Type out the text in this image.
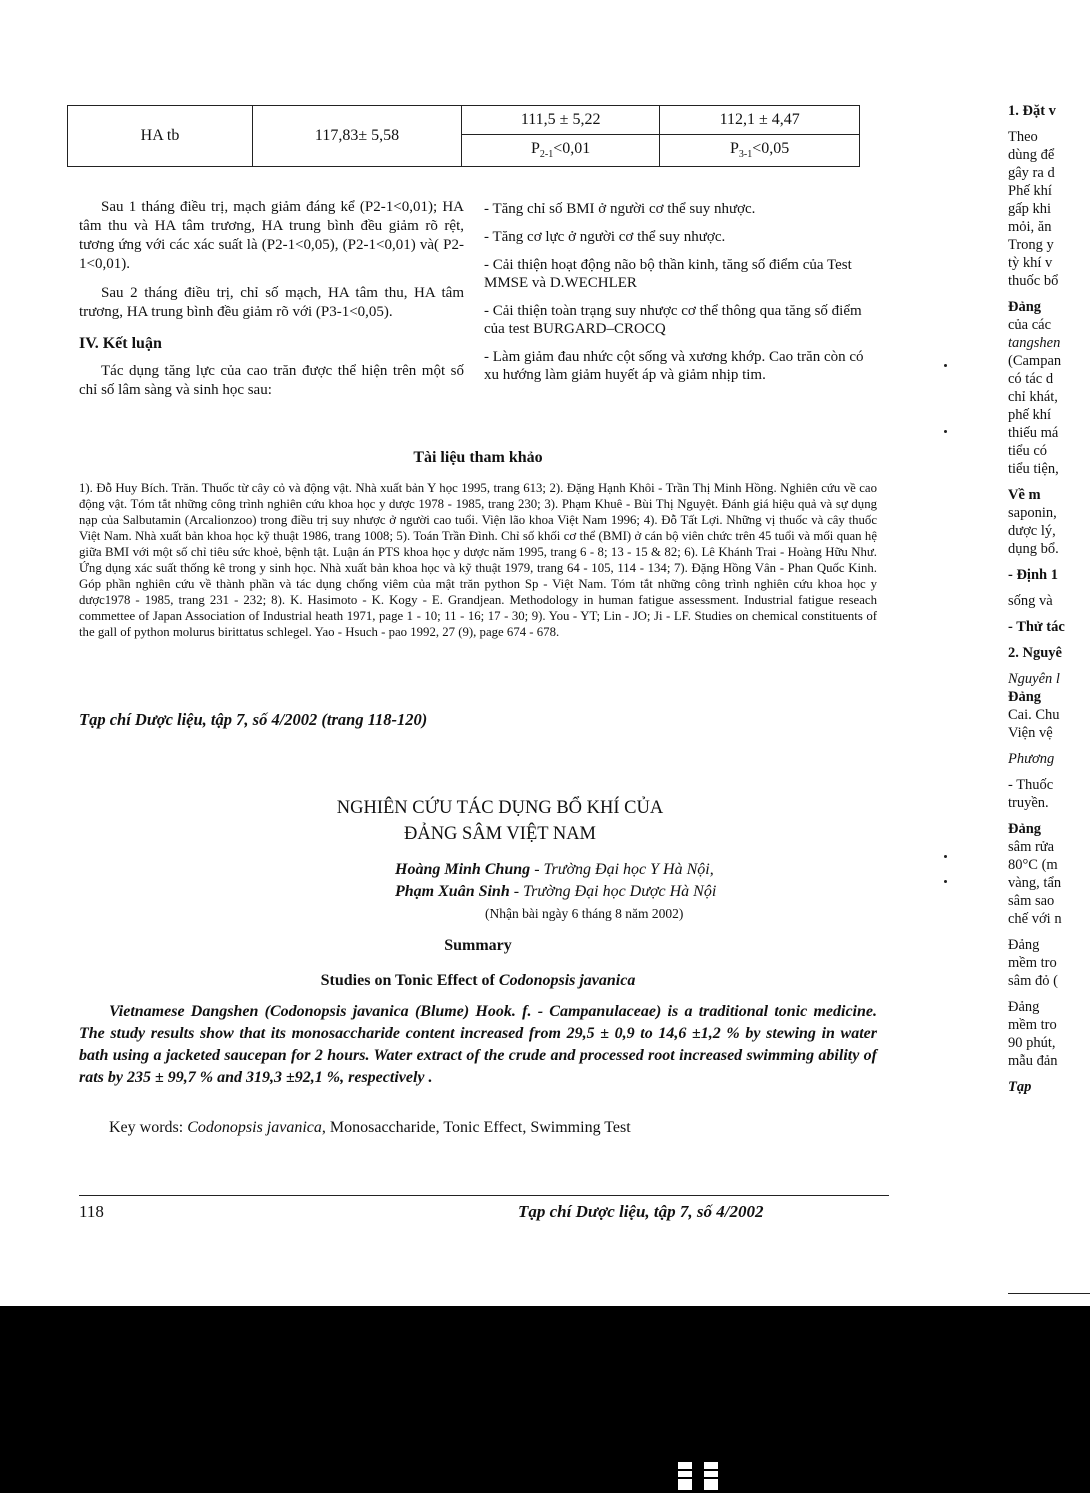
HA tb	117,83± 5,58	111,5 ± 5,22	112,1 ± 4,47
		$P_{2-1}<0,01$	$P_{3-1}<0,05$

Sau 1 tháng điều trị, mạch giảm đáng kể (P2-1<0,01); HA tâm thu và HA tâm trương, HA trung bình đều giảm rõ rệt, tương ứng với các xác suất là (P2-1<0,05), (P2-1<0,01) và( P2-1<0,01).

Sau 2 tháng điều trị, chỉ số mạch, HA tâm thu, HA tâm trương, HA trung bình đều giảm rõ với (P3-1<0,05).

IV. Kết luận

Tác dụng tăng lực của cao trăn được thể hiện trên một số chỉ số lâm sàng và sinh học sau:

- Tăng chỉ số BMI ở người cơ thể suy nhược.

- Tăng cơ lực ở người cơ thể suy nhược.

- Cải thiện hoạt động não bộ thần kinh, tăng số điểm của Test MMSE và D.WECHLER

- Cải thiện toàn trạng suy nhược cơ thể thông qua tăng số điểm của test BURGARD–CROCQ

- Làm giảm đau nhức cột sống và xương khớp. Cao trăn còn có xu hướng làm giảm huyết áp và giảm nhịp tim.

Tài liệu tham khảo
1). Đỗ Huy Bích. Trăn. Thuốc từ cây cỏ và động vật. Nhà xuất bản Y học 1995, trang 613; 2). Đặng Hạnh Khôi - Trần Thị Minh Hồng. Nghiên cứu về cao động vật. Tóm tắt những công trình nghiên cứu khoa học y dược 1978 - 1985, trang 230; 3). Phạm Khuê - Bùi Thị Nguyệt. Đánh giá hiệu quả và sự dụng nạp của Salbutamin (Arcalionzoo) trong điều trị suy nhược ở người cao tuổi. Viện lão khoa Việt Nam 1996; 4). Đỗ Tất Lợi. Những vị thuốc và cây thuốc Việt Nam. Nhà xuất bản khoa học kỹ thuật 1986, trang 1008; 5). Toán Trần Đình. Chỉ số khối cơ thể (BMI) ở cán bộ viên chức trên 45 tuổi và mối quan hệ giữa BMI với một số chỉ tiêu sức khoẻ, bệnh tật. Luận án PTS khoa học y dược năm 1995, trang 6 - 8; 13 - 15 & 82; 6). Lê Khánh Trai - Hoàng Hữu Như. Ứng dụng xác suất thống kê trong y sinh học. Nhà xuất bản khoa học và kỹ thuật 1979, trang 64 - 105, 114 - 134; 7). Đặng Hồng Vân - Phan Quốc Kinh. Góp phần nghiên cứu về thành phần và tác dụng chống viêm của mật trăn python Sp - Việt Nam. Tóm tắt những công trình nghiên cứu khoa học y dược1978 - 1985, trang 231 - 232; 8). K. Hasimoto - K. Kogy - E. Grandjean. Methodology in human fatigue assessment. Industrial fatigue reseach commettee of Japan Association of Industrial heath 1971, page 1 - 10; 11 - 16; 17 - 30; 9). You - YT; Lin - JO; Ji - LF. Studies on chemical constituents of the gall of python molurus birittatus schlegel. Yao - Hsuch - pao 1992, 27 (9), page 674 - 678.
Tạp chí Dược liệu, tập 7, số 4/2002 (trang 118-120)
NGHIÊN CỨU TÁC DỤNG BỔ KHÍ CỦA
ĐẢNG SÂM VIỆT NAM
Hoàng Minh Chung - Trường Đại học Y Hà Nội,
Phạm Xuân Sinh - Trường Đại học Dược Hà Nội
(Nhận bài ngày 6 tháng 8 năm 2002)
Summary
Studies on Tonic Effect of Codonopsis javanica
Vietnamese Dangshen (Codonopsis javanica (Blume) Hook. f. - Campanulaceae) is a traditional tonic medicine. The study results show that its monosaccharide content increased from 29,5 ± 0,9 to 14,6 ±1,2 % by stewing in water bath using a jacketed saucepan for 2 hours. Water extract of the crude and processed root increased swimming ability of rats by 235 ± 99,7 % and 319,3 ±92,1 %, respectively .
Key words: Codonopsis javanica, Monosaccharide, Tonic Effect, Swimming Test
118	Tạp chí Dược liệu, tập 7, số 4/2002
1. Đặt v
Theo
dùng để
gây ra d
Phế khí
gấp khi
mỏi, ăn
Trong y
tỳ khí v
thuốc bổ
Đảng
của các
tangshen
(Campan
có tác d
chỉ khát,
phế khí
thiếu má
tiểu có
tiểu tiện,
Về m
saponin,
dược lý,
dụng bổ.
- Định 1
sống và
- Thử tác
2. Nguyê
Nguyên l
Đảng
Cai. Chu
Viện vệ
Phương
- Thuốc
truyền.
Đảng
sâm rửa
80°C (m
vàng, tẩn
sâm sao
chế với n
Đảng
mềm tro
sâm đỏ (
Đảng
mềm tro
90 phút,
mẫu đản
Tạp
